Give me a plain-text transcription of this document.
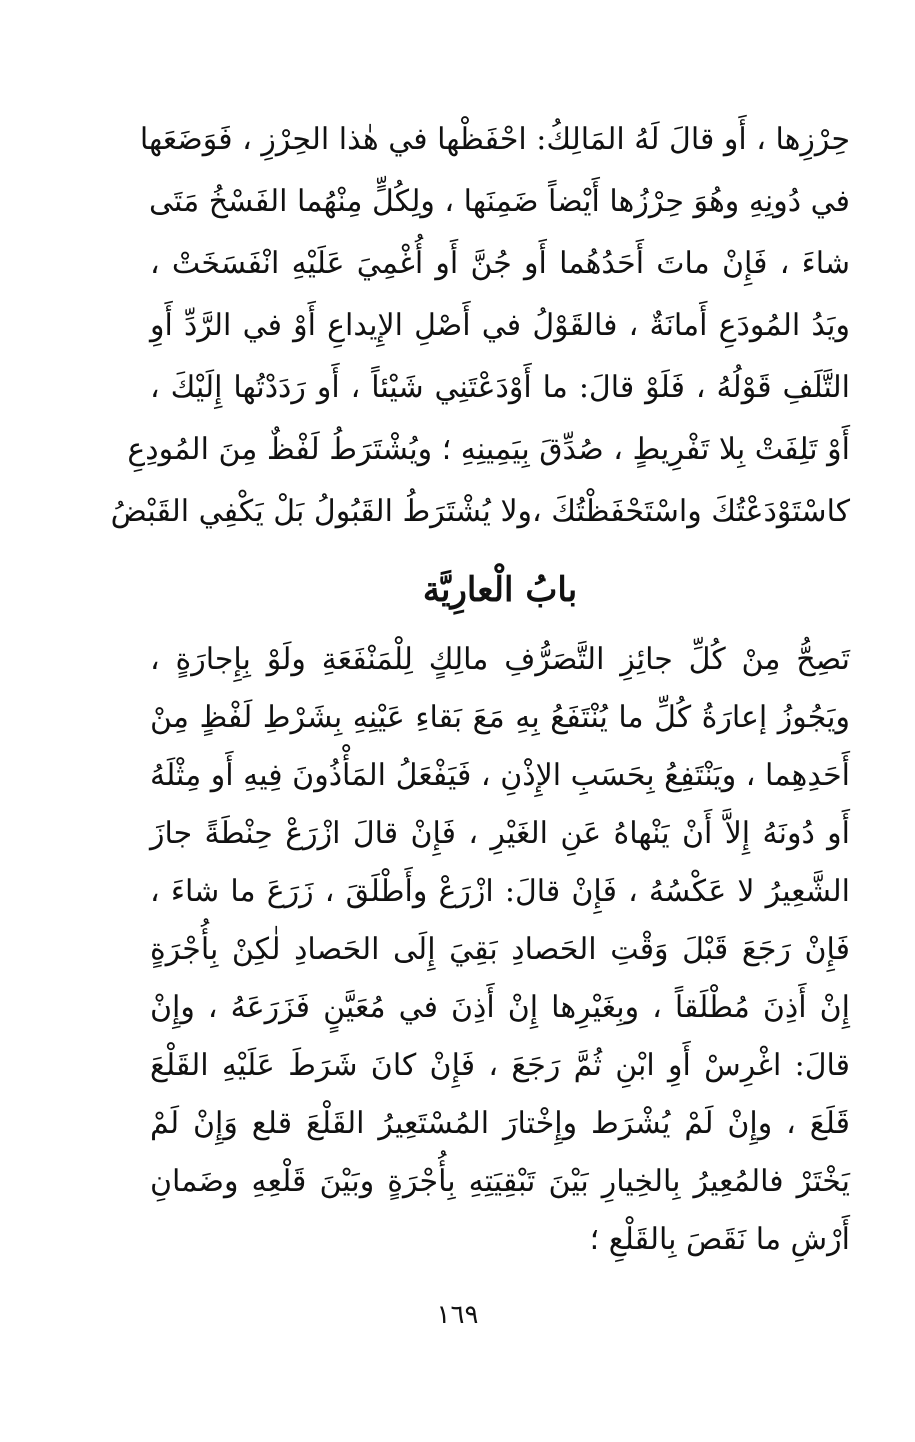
حِرْزِها ، أَو قالَ لَهُ المَالِكُ: احْفَظْها في هٰذا الحِرْزِ ، فَوَضَعَها
في دُونِهِ وهُوَ حِرْزُها أَيْضاً ضَمِنَها ، ولِكُلٍّ مِنْهُما الفَسْخُ مَتَى
شاءَ ، فَإِنْ ماتَ أَحَدُهُما أَو جُنَّ أَو أُغْمِيَ عَلَيْهِ انْفَسَخَتْ ،
ويَدُ المُودَعِ أَمانَةٌ ، فالقَوْلُ في أَصْلِ الإِيداعِ أَوْ في الرَّدِّ أَوِ
التَّلَفِ قَوْلُهُ ، فَلَوْ قالَ: ما أَوْدَعْتَنِي شَيْئاً ، أَو رَدَدْتُها إِلَيْكَ ،
أَوْ تَلِفَتْ بِلا تَفْرِيطٍ ، صُدِّقَ بِيَمِينِهِ ؛ ويُشْتَرَطُ لَفْظٌ مِنَ المُودِعِ
كاسْتَوْدَعْتُكَ واسْتَحْفَظْتُكَ ،ولا يُشْتَرَطُ القَبُولُ بَلْ يَكْفِي القَبْضُ
بابُ الْعارِيَّة
تَصِحُّ مِنْ كُلِّ جائِزِ التَّصَرُّفِ مالِكٍ لِلْمَنْفَعَةِ ولَوْ بِإِجارَةٍ ،
ويَجُوزُ إعارَةُ كُلِّ ما يُنْتَفَعُ بِهِ مَعَ بَقاءِ عَيْنِهِ بِشَرْطِ لَفْظٍ مِنْ
أَحَدِهِما ، ويَنْتَفِعُ بِحَسَبِ الإِذْنِ ، فَيَفْعَلُ المَأْذُونَ فِيهِ أَو مِثْلَهُ
أَو دُونَهُ إِلاَّ أَنْ يَنْهاهُ عَنِ الغَيْرِ ، فَإِنْ قالَ ازْرَعْ حِنْطَةً جازَ
الشَّعِيرُ لا عَكْسُهُ ، فَإِنْ قالَ: ازْرَعْ وأَطْلَقَ ، زَرَعَ ما شاءَ ،
فَإِنْ رَجَعَ قَبْلَ وَقْتِ الحَصادِ بَقِيَ إِلَى الحَصادِ لٰكِنْ بِأُجْرَةٍ
إِنْ أَذِنَ مُطْلَقاً ، وبِغَيْرِها إِنْ أَذِنَ في مُعَيَّنٍ فَزَرَعَهُ ، وإِنْ
قالَ: اغْرِسْ أَوِ ابْنِ ثُمَّ رَجَعَ ، فَإِنْ كانَ شَرَطَ عَلَيْهِ القَلْعَ
قَلَعَ ، وإِنْ لَمْ يُشْرَط وإِخْتارَ المُسْتَعِيرُ القَلْعَ قلع وَإِنْ لَمْ
يَخْتَرْ فالمُعِيرُ بِالخِيارِ بَيْنَ تَبْقِيَتِهِ بِأُجْرَةٍ وبَيْنَ قَلْعِهِ وضَمانِ
أَرْشِ ما نَقَصَ بِالقَلْعِ ؛
١٦٩
